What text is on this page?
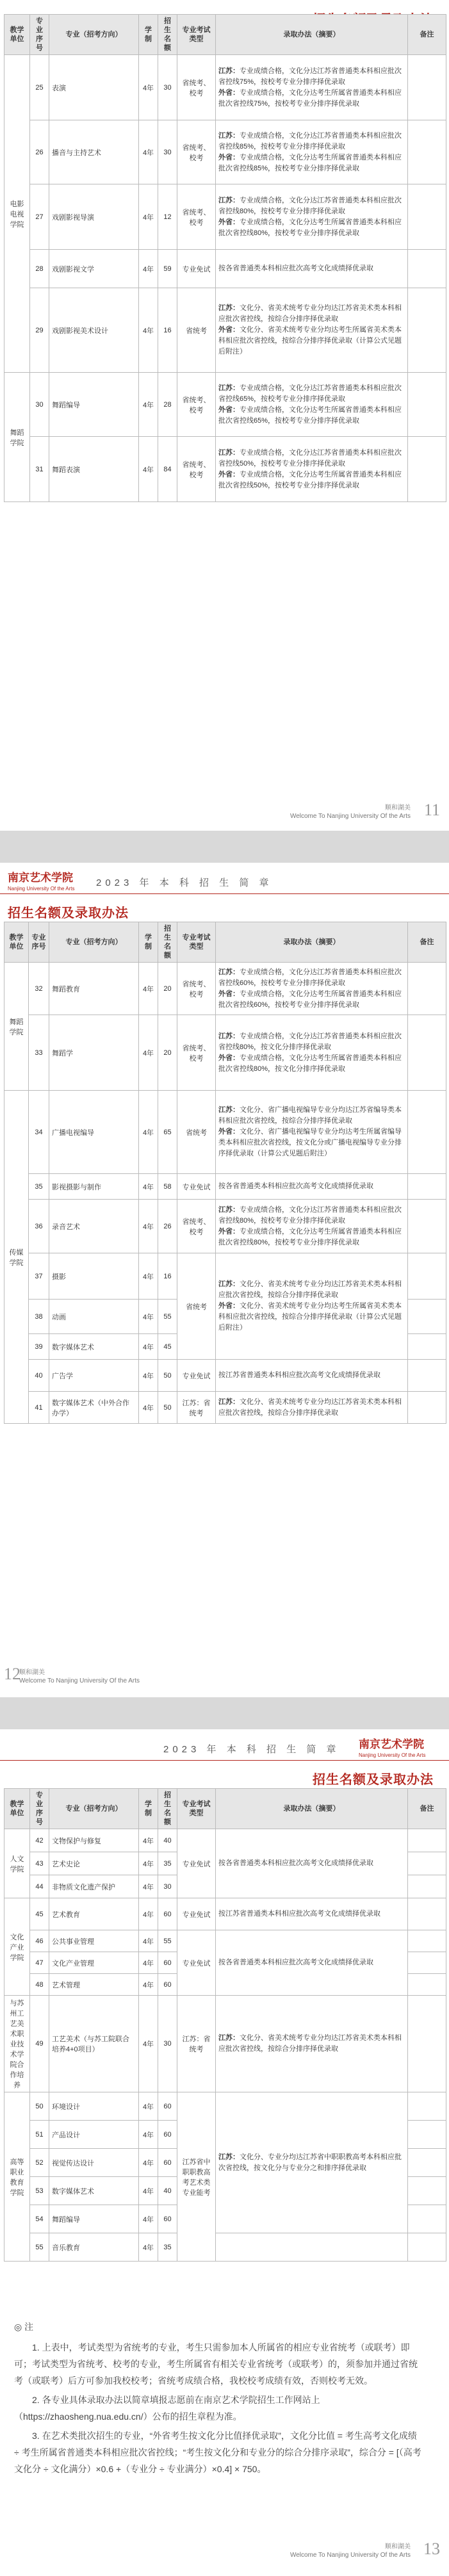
教学单位	专业序号	专业（招考方向）	学制	招生名额	专业考试类型	录取办法（摘要）	备注
电影电视学院	25	表演	4年	30	省统考、校考	江苏：专业成绩合格，文化分达江苏省普通类本科相应批次省控线75%，按校考专业分排序择优录取
外省：专业成绩合格，文化分达考生所属省普通类本科相应批次省控线75%，按校考专业分排序择优录取	
	26	播音与主持艺术	4年	30	省统考、校考	江苏：专业成绩合格，文化分达江苏省普通类本科相应批次省控线85%，按校考专业分排序择优录取
外省：专业成绩合格，文化分达考生所属省普通类本科相应批次省控线85%，按校考专业分排序择优录取	
	27	戏剧影视导演	4年	12	省统考、校考	江苏：专业成绩合格，文化分达江苏省普通类本科相应批次省控线80%，按校考专业分排序择优录取
外省：专业成绩合格，文化分达考生所属省普通类本科相应批次省控线80%，按校考专业分排序择优录取	
	28	戏剧影视文学	4年	59	专业免试	按各省普通类本科相应批次高考文化成绩择优录取	
	29	戏剧影视美术设计	4年	16	省统考	江苏：文化分、省美术统考专业分均达江苏省美术类本科相应批次省控线，按综合分排序择优录取
外省：文化分、省美术统考专业分均达考生所属省美术类本科相应批次省控线，按综合分排序择优录取（计算公式见题后附注）	
舞蹈学院	30	舞蹈编导	4年	28	省统考、校考	江苏：专业成绩合格，文化分达江苏省普通类本科相应批次省控线65%，按校考专业分排序择优录取
外省：专业成绩合格，文化分达考生所属省普通类本科相应批次省控线65%，按校考专业分排序择优录取	
	31	舞蹈表演	4年	84	省统考、校考	江苏：专业成绩合格，文化分达江苏省普通类本科相应批次省控线50%，按校考专业分排序择优录取
外省：专业成绩合格，文化分达考生所属省普通类本科相应批次省控线50%，按校考专业分排序择优录取	
顺和湖美
Welcome To Nanjing University Of the Arts 11
南京艺术学院
Nanjing University Of the Arts
2023 年 本 科 招 生 简 章
招生名额及录取办法
教学单位	专业序号	专业（招考方向）	学制	招生名额	专业考试类型	录取办法（摘要）	备注
舞蹈学院	32	舞蹈教育	4年	20	省统考、校考	江苏：专业成绩合格，文化分达江苏省普通类本科相应批次省控线60%，按校考专业分排序择优录取
外省：专业成绩合格，文化分达考生所属省普通类本科相应批次省控线60%，按校考专业分排序择优录取	
	33	舞蹈学	4年	20	省统考、校考	江苏：专业成绩合格，文化分达江苏省普通类本科相应批次省控线80%，按文化分排序择优录取
外省：专业成绩合格，文化分达考生所属省普通类本科相应批次省控线80%，按文化分排序择优录取	
传媒学院	34	广播电视编导	4年	65	省统考	江苏：文化分、省广播电视编导专业分均达江苏省编导类本科相应批次省控线，按综合分排序择优录取
外省：文化分、省广播电视编导专业分均达考生所属省编导类本科相应批次省控线，按文化分或广播电视编导专业分排序择优录取（计算公式见题后附注）	
	35	影视摄影与制作	4年	58	专业免试	按各省普通类本科相应批次高考文化成绩择优录取	
	36	录音艺术	4年	26	省统考、校考	江苏：专业成绩合格，文化分达江苏省普通类本科相应批次省控线80%，按校考专业分排序择优录取
外省：专业成绩合格，文化分达考生所属省普通类本科相应批次省控线80%，按校考专业分排序择优录取	
	37	摄影	4年	16	省统考	江苏：文化分、省美术统考专业分均达江苏省美术类本科相应批次省控线，按综合分排序择优录取
外省：文化分、省美术统考专业分均达考生所属省美术类本科相应批次省控线，按综合分排序择优录取（计算公式见题后附注）	
	38	动画	4年	55			
	39	数字媒体艺术	4年	45			
	40	广告学	4年	50	专业免试	按江苏省普通类本科相应批次高考文化成绩择优录取	
	41	数字媒体艺术（中外合作办学）	4年	50	江苏：省统考	江苏：文化分、省美术统考专业分均达江苏省美术类本科相应批次省控线，按综合分排序择优录取	
12
顺和湖美
Welcome To Nanjing University Of the Arts
2023 年 本 科 招 生 简 章 南京艺术学院
Nanjing University Of the Arts
招生名额及录取办法
教学单位	专业序号	专业（招考方向）	学制	招生名额	专业考试类型	录取办法（摘要）	备注
人文学院	42	文物保护与修复	4年	40	专业免试	按各省普通类本科相应批次高考文化成绩择优录取	
	43	艺术史论	4年	35			
	44	非物质文化遗产保护	4年	30			
文化产业学院	45	艺术教育	4年	60	专业免试	按江苏省普通类本科相应批次高考文化成绩择优录取	
	46	公共事业管理	4年	55	专业免试	按各省普通类本科相应批次高考文化成绩择优录取	
	47	文化产业管理	4年	60			
	48	艺术管理	4年	60			
与苏州工艺美术职业技术学院合作培养	49	工艺美术（与苏工院联合培养4+0项目）	4年	30	江苏：省统考	江苏：文化分、省美术统考专业分均达江苏省美术类本科相应批次省控线，按综合分排序择优录取	
高等职业教育学院	50	环境设计	4年	60	江苏省中职职教高考艺术类专业能考	江苏：文化分、专业分均达江苏省中职职教高考本科相应批次省控线，按文化分与专业分之和排序择优录取	
	51	产品设计	4年	60			
	52	视觉传达设计	4年	60			
	53	数字媒体艺术	4年	40			
	54	舞蹈编导	4年	60			
	55	音乐教育	4年	35			
◎ 注

1. 上表中，考试类型为省统考的专业，考生只需参加本人所属省的相应专业省统考（或联考）即可；考试类型为省统考、校考的专业，考生所属省有相关专业省统考（或联考）的，须参加并通过省统考（或联考）后方可参加我校校考；省统考成绩合格，我校校考成绩有效，否则校考无效。

2. 各专业具体录取办法以简章填报志愿前在南京艺术学院招生工作网站上（https://zhaosheng.nua.edu.cn/）公布的招生章程为准。

3. 在艺术类批次招生的专业，“外省考生按文化分比值择优录取”，文化分比值 = 考生高考文化成绩 ÷ 考生所属省普通类本科相应批次省控线；“考生按文化分和专业分的综合分排序录取”，综合分 = [（高考文化分 ÷ 文化满分）×0.6 +（专业分 ÷ 专业满分）×0.4] × 750。

顺和湖美
Welcome To Nanjing University Of the Arts 13
